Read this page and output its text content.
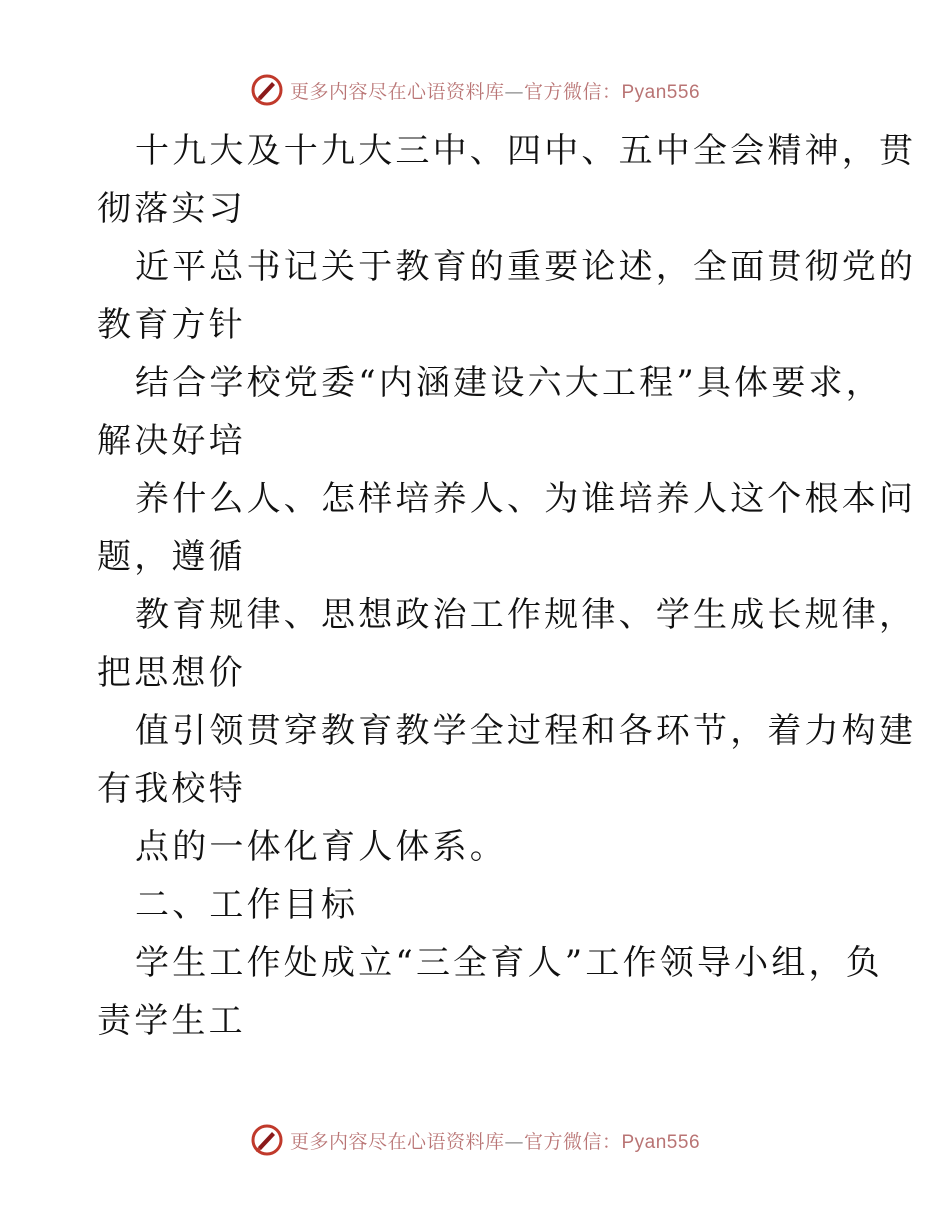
更多内容尽在心语资料库—官方微信：Pyan556
十九大及十九大三中、四中、五中全会精神，贯
彻落实习
近平总书记关于教育的重要论述，全面贯彻党的
教育方针
结合学校党委“内涵建设六大工程”具体要求，
解决好培
养什么人、怎样培养人、为谁培养人这个根本问
题，遵循
教育规律、思想政治工作规律、学生成长规律，
把思想价
值引领贯穿教育教学全过程和各环节，着力构建
有我校特
点的一体化育人体系。
二、工作目标
学生工作处成立“三全育人”工作领导小组，负
责学生工
更多内容尽在心语资料库—官方微信：Pyan556
